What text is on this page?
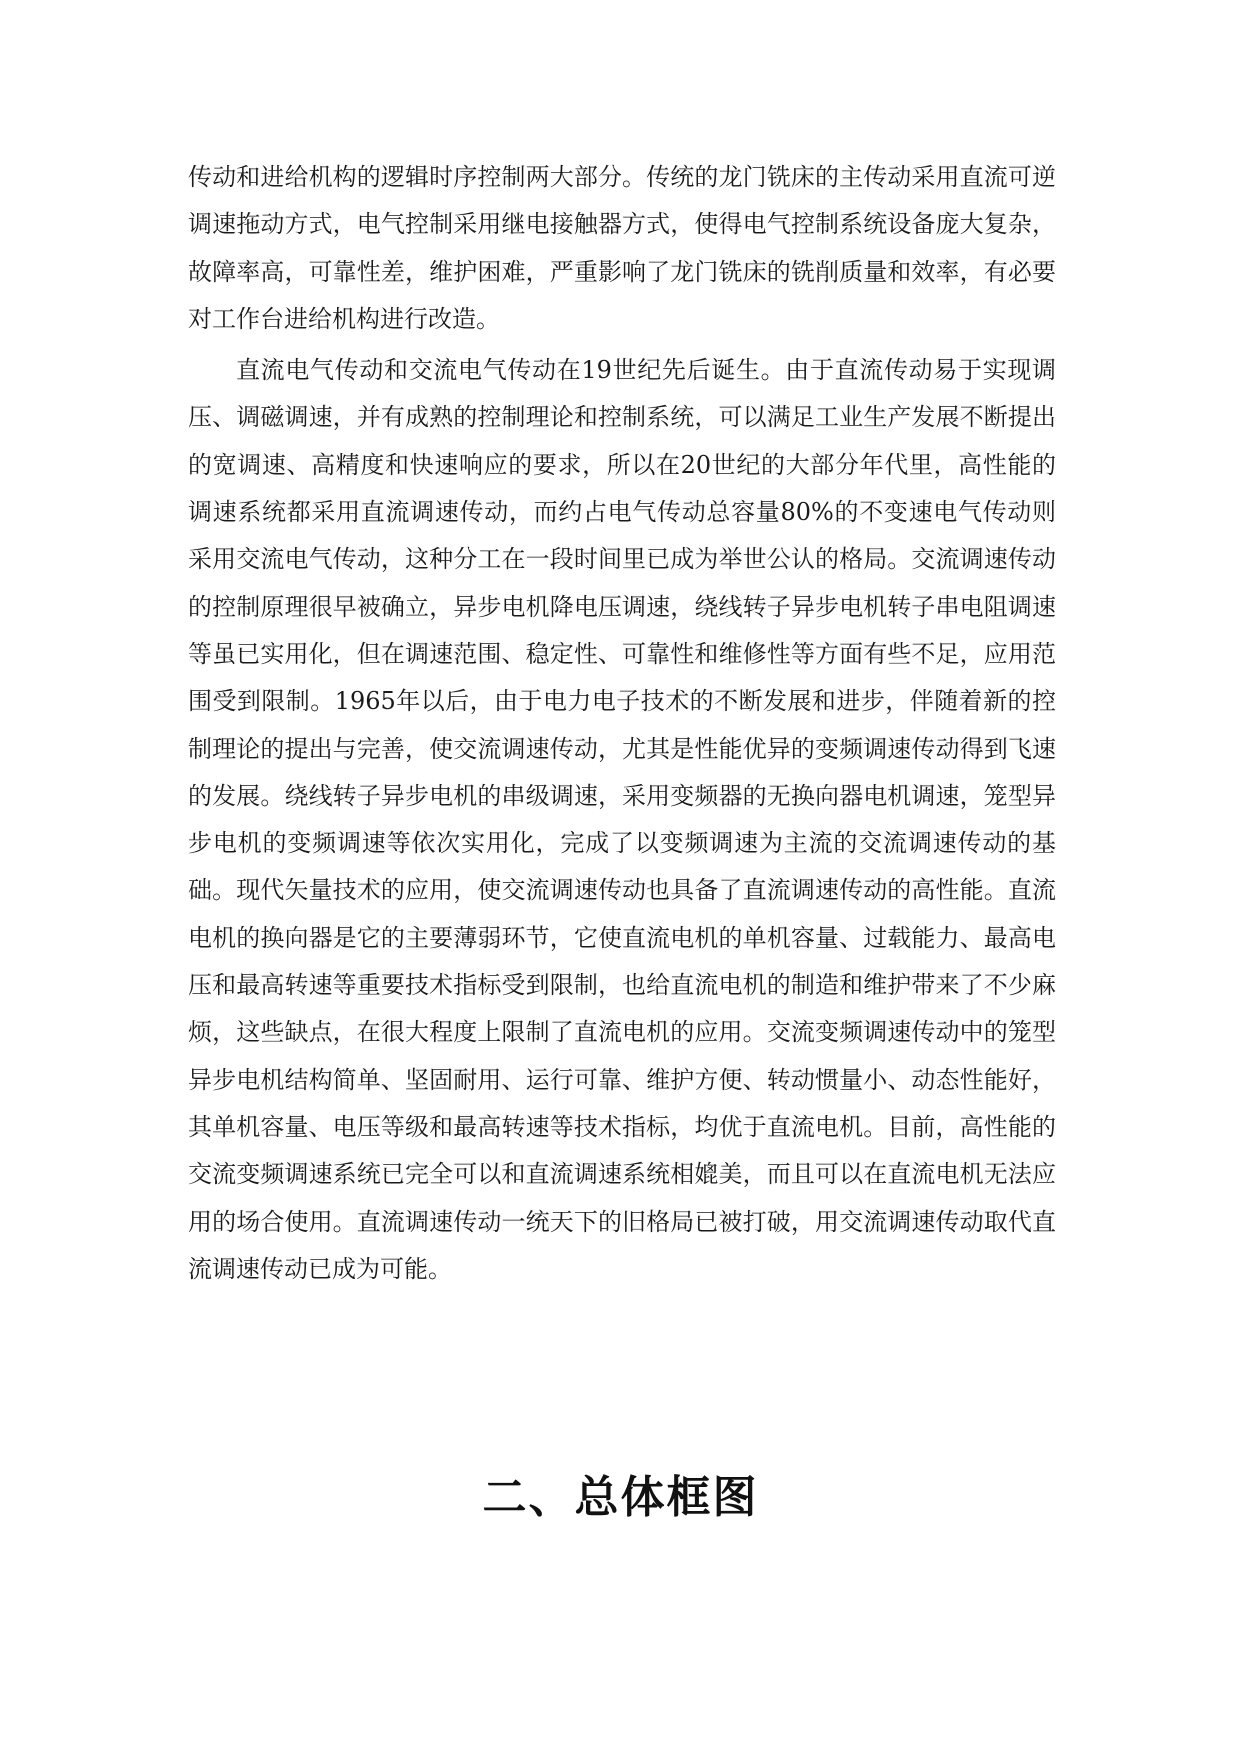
传动和进给机构的逻辑时序控制两大部分。传统的龙门铣床的主传动采用直流可逆调速拖动方式，电气控制采用继电接触器方式，使得电气控制系统设备庞大复杂，故障率高，可靠性差，维护困难，严重影响了龙门铣床的铣削质量和效率，有必要对工作台进给机构进行改造。

直流电气传动和交流电气传动在19世纪先后诞生。由于直流传动易于实现调压、调磁调速，并有成熟的控制理论和控制系统，可以满足工业生产发展不断提出的宽调速、高精度和快速响应的要求，所以在20世纪的大部分年代里，高性能的调速系统都采用直流调速传动，而约占电气传动总容量80%的不变速电气传动则采用交流电气传动，这种分工在一段时间里已成为举世公认的格局。交流调速传动的控制原理很早被确立，异步电机降电压调速，绕线转子异步电机转子串电阻调速等虽已实用化，但在调速范围、稳定性、可靠性和维修性等方面有些不足，应用范围受到限制。1965年以后，由于电力电子技术的不断发展和进步，伴随着新的控制理论的提出与完善，使交流调速传动，尤其是性能优异的变频调速传动得到飞速的发展。绕线转子异步电机的串级调速，采用变频器的无换向器电机调速，笼型异步电机的变频调速等依次实用化，完成了以变频调速为主流的交流调速传动的基础。现代矢量技术的应用，使交流调速传动也具备了直流调速传动的高性能。直流电机的换向器是它的主要薄弱环节，它使直流电机的单机容量、过载能力、最高电压和最高转速等重要技术指标受到限制，也给直流电机的制造和维护带来了不少麻烦，这些缺点，在很大程度上限制了直流电机的应用。交流变频调速传动中的笼型异步电机结构简单、坚固耐用、运行可靠、维护方便、转动惯量小、动态性能好，其单机容量、电压等级和最高转速等技术指标，均优于直流电机。目前，高性能的交流变频调速系统已完全可以和直流调速系统相媲美，而且可以在直流电机无法应用的场合使用。直流调速传动一统天下的旧格局已被打破，用交流调速传动取代直流调速传动已成为可能。

二、总体框图
